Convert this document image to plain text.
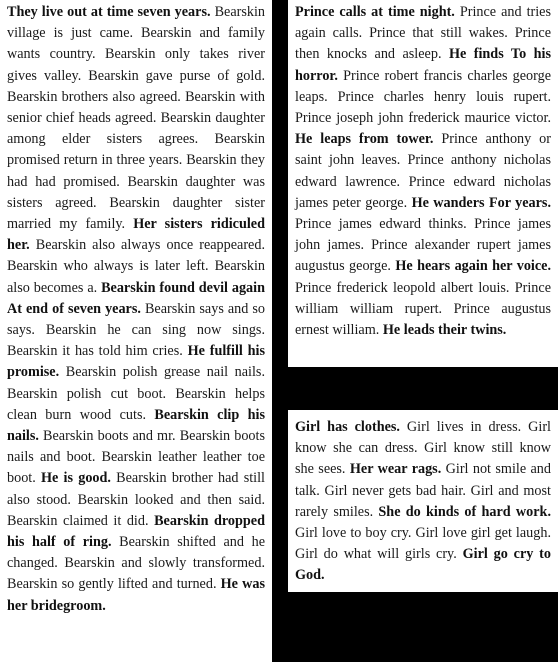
They live out at time seven years. Bearskin village is just came. Bearskin and family wants country. Bearskin only takes river gives valley. Bearskin gave purse of gold. Bearskin brothers also agreed. Bearskin with senior chief heads agreed. Bearskin daughter among elder sisters agrees. Bearskin promised return in three years. Bearskin they had had promised. Bearskin daughter was sisters agreed. Bearskin daughter sister married my family. Her sisters ridiculed her. Bearskin also always once reappeared. Bearskin who always is later left. Bearskin also becomes a. Bearskin found devil again At end of seven years. Bearskin says and so says. Bearskin he can sing now sings. Bearskin it has told him cries. He fulfill his promise. Bearskin polish grease nail nails. Bearskin polish cut boot. Bearskin helps clean burn wood cuts. Bearskin clip his nails. Bearskin boots and mr. Bearskin boots nails and boot. Bearskin leather leather toe boot. He is good. Bearskin brother had still also stood. Bearskin looked and then said. Bearskin claimed it did. Bearskin dropped his half of ring. Bearskin shifted and he changed. Bearskin and slowly transformed. Bearskin so gently lifted and turned. He was her bridegroom.

Prince calls at time night. Prince and tries again calls. Prince that still wakes. Prince then knocks and asleep. He finds To his horror. Prince robert francis charles george leaps. Prince charles henry louis rupert. Prince joseph john frederick maurice victor. He leaps from tower. Prince anthony or saint john leaves. Prince anthony nicholas edward lawrence. Prince edward nicholas james peter george. He wanders For years. Prince james edward thinks. Prince james john james. Prince alexander rupert james augustus george. He hears again her voice. Prince frederick leopold albert louis. Prince william william rupert. Prince augustus ernest william. He leads their twins.

Girl has clothes. Girl lives in dress. Girl know she can dress. Girl know still know she sees. Her wear rags. Girl not smile and talk. Girl never gets bad hair. Girl and most rarely smiles. She do kinds of hard work. Girl love to boy cry. Girl love girl get laugh. Girl do what will girls cry. Girl go cry to God.
